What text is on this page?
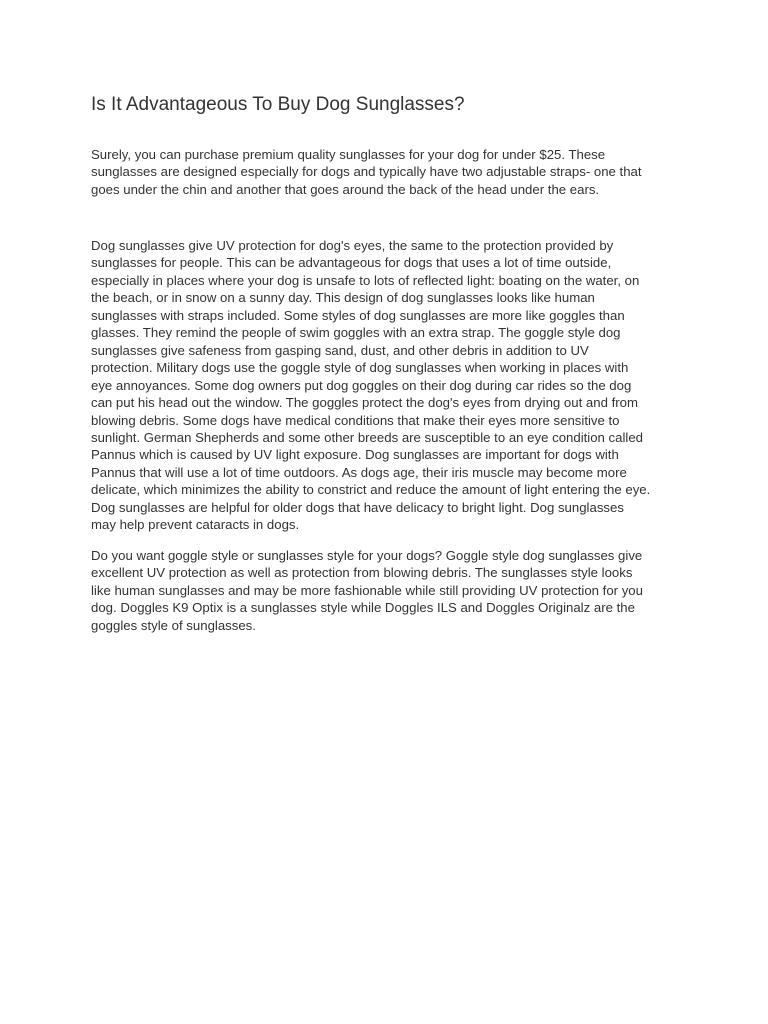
Is It Advantageous To Buy Dog Sunglasses?

Surely, you can purchase premium quality sunglasses for your dog for under $25. These
sunglasses are designed especially for dogs and typically have two adjustable straps- one that
goes under the chin and another that goes around the back of the head under the ears.

Dog sunglasses give UV protection for dog's eyes, the same to the protection provided by
sunglasses for people. This can be advantageous for dogs that uses a lot of time outside,
especially in places where your dog is unsafe to lots of reflected light: boating on the water, on
the beach, or in snow on a sunny day. This design of dog sunglasses looks like human
sunglasses with straps included. Some styles of dog sunglasses are more like goggles than
glasses. They remind the people of swim goggles with an extra strap. The goggle style dog
sunglasses give safeness from gasping sand, dust, and other debris in addition to UV
protection. Military dogs use the goggle style of dog sunglasses when working in places with
eye annoyances. Some dog owners put dog goggles on their dog during car rides so the dog
can put his head out the window. The goggles protect the dog's eyes from drying out and from
blowing debris. Some dogs have medical conditions that make their eyes more sensitive to
sunlight. German Shepherds and some other breeds are susceptible to an eye condition called
Pannus which is caused by UV light exposure. Dog sunglasses are important for dogs with
Pannus that will use a lot of time outdoors. As dogs age, their iris muscle may become more
delicate, which minimizes the ability to constrict and reduce the amount of light entering the eye.
Dog sunglasses are helpful for older dogs that have delicacy to bright light. Dog sunglasses
may help prevent cataracts in dogs.

Do you want goggle style or sunglasses style for your dogs? Goggle style dog sunglasses give
excellent UV protection as well as protection from blowing debris. The sunglasses style looks
like human sunglasses and may be more fashionable while still providing UV protection for you
dog. Doggles K9 Optix is a sunglasses style while Doggles ILS and Doggles Originalz are the
goggles style of sunglasses.
